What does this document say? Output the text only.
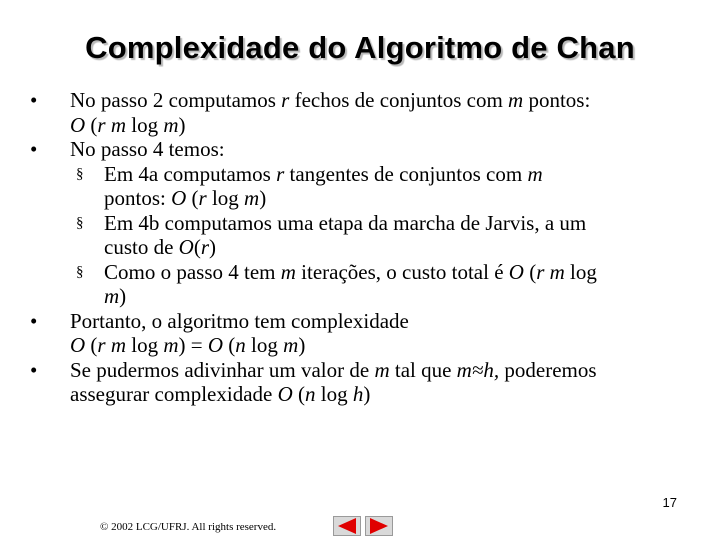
Complexidade do Algoritmo de Chan
•	No passo 2 computamos r fechos de conjuntos com m pontos:
O (r m log m)
•	No passo 4 temos:
§ Em 4a computamos r tangentes de conjuntos com m
pontos: O (r log m)
§ Em 4b computamos uma etapa da marcha de Jarvis, a um
custo de O(r)
§ Como o passo 4 tem m iterações, o custo total é O (r m log
m)
•	Portanto, o algoritmo tem complexidade
O (r m log m) = O (n log m)
•	Se pudermos adivinhar um valor de m tal que m≈h, poderemos
assegurar complexidade O (n log h)
17
© 2002 LCG/UFRJ. All rights reserved.
